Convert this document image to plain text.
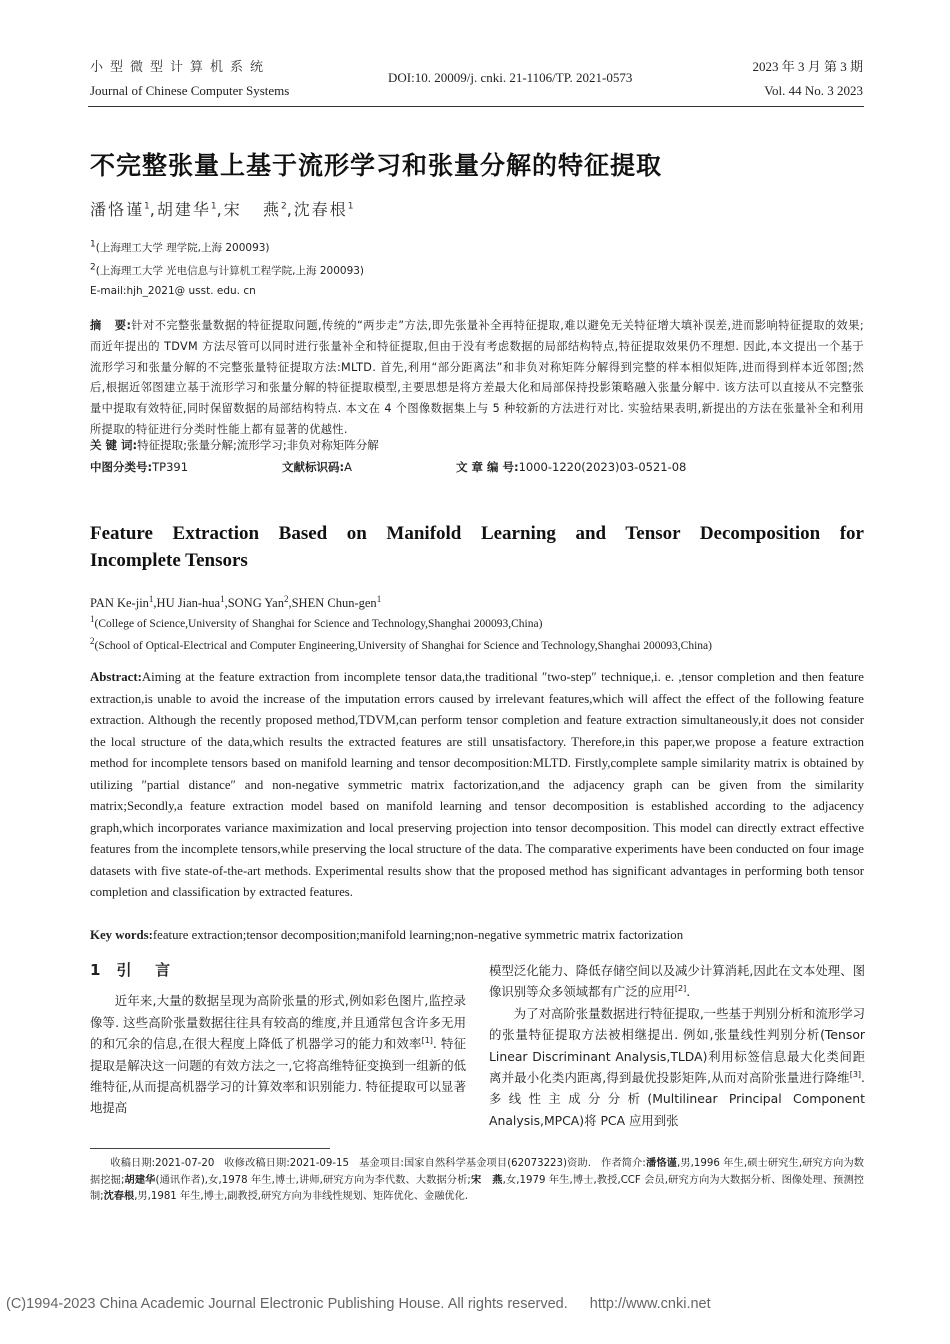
小型微型计算机系统
Journal of Chinese Computer Systems
DOI:10. 20009/j. cnki. 21-1106/TP. 2021-0573
2023 年 3 月 第 3 期
Vol. 44 No. 3 2023
不完整张量上基于流形学习和张量分解的特征提取
潘恪谨$^1$,胡建华$^1$,宋   燕$^2$,沈春根$^1$
$^1$(上海理工大学 理学院,上海 200093)
$^2$(上海理工大学 光电信息与计算机工程学院,上海 200093)
E-mail:hjh_2021@ usst. edu. cn
摘   要:针对不完整张量数据的特征提取问题,传统的“两步走”方法,即先张量补全再特征提取,难以避免无关特征增大填补误差,进而影响特征提取的效果;而近年提出的 TDVM 方法尽管可以同时进行张量补全和特征提取,但由于没有考虑数据的局部结构特点,特征提取效果仍不理想. 因此,本文提出一个基于流形学习和张量分解的不完整张量特征提取方法:MLTD. 首先,利用“部分距离法”和非负对称矩阵分解得到完整的样本相似矩阵,进而得到样本近邻图;然后,根据近邻图建立基于流形学习和张量分解的特征提取模型,主要思想是将方差最大化和局部保持投影策略融入张量分解中. 该方法可以直接从不完整张量中提取有效特征,同时保留数据的局部结构特点. 本文在 4 个图像数据集上与 5 种较新的方法进行对比. 实验结果表明,新提出的方法在张量补全和利用所提取的特征进行分类时性能上都有显著的优越性.
关 键 词:特征提取;张量分解;流形学习;非负对称矩阵分解
中图分类号:TP391	文献标识码:A	文 章 编 号:1000-1220(2023)03-0521-08
Feature Extraction Based on Manifold Learning and Tensor Decomposition for
Incomplete Tensors
PAN Ke-jin$^1$,HU Jian-hua$^1$,SONG Yan$^2$,SHEN Chun-gen$^1$
$^1$(College of Science,University of Shanghai for Science and Technology,Shanghai 200093,China)
$^2$(School of Optical-Electrical and Computer Engineering,University of Shanghai for Science and Technology,Shanghai 200093,China)
Abstract:Aiming at the feature extraction from incomplete tensor data,the traditional ″two-step″ technique,i. e. ,tensor completion and then feature extraction,is unable to avoid the increase of the imputation errors caused by irrelevant features,which will affect the effect of the following feature extraction. Although the recently proposed method,TDVM,can perform tensor completion and feature extraction simultaneously,it does not consider the local structure of the data,which results the extracted features are still unsatisfactory. Therefore,in this paper,we propose a feature extraction method for incomplete tensors based on manifold learning and tensor decomposition:MLTD. Firstly,complete sample similarity matrix is obtained by utilizing ″partial distance″ and non-negative symmetric matrix factorization,and the adjacency graph can be given from the similarity matrix;Secondly,a feature extraction model based on manifold learning and tensor decomposition is established according to the adjacency graph,which incorporates variance maximization and local preserving projection into tensor decomposition. This model can directly extract effective features from the incomplete tensors,while preserving the local structure of the data. The comparative experiments have been conducted on four image datasets with five state-of-the-art methods. Experimental results show that the proposed method has significant advantages in performing both tensor completion and classification by extracted features.
Key words:feature extraction;tensor decomposition;manifold learning;non-negative symmetric matrix factorization
1 引   言
近年来,大量的数据呈现为高阶张量的形式,例如彩色图片,监控录像等. 这些高阶张量数据往往具有较高的维度,并且通常包含许多无用的和冗余的信息,在很大程度上降低了机器学习的能力和效率[1]. 特征提取是解决这一问题的有效方法之一,它将高维特征变换到一组新的低维特征,从而提高机器学习的计算效率和识别能力. 特征提取可以显著地提高
模型泛化能力、降低存储空间以及减少计算消耗,因此在文本处理、图像识别等众多领域都有广泛的应用[2].
为了对高阶张量数据进行特征提取,一些基于判别分析和流形学习的张量特征提取方法被相继提出. 例如,张量线性判别分析(Tensor Linear Discriminant Analysis,TLDA)利用标签信息最大化类间距离并最小化类内距离,得到最优投影矩阵,从而对高阶张量进行降维[3]. 多线性主成分分析(Multilinear Principal Component Analysis,MPCA)将 PCA 应用到张
收稿日期:2021-07-20   收修改稿日期:2021-09-15   基金项目:国家自然科学基金项目(62073223)资助.   作者简介:潘恪谨,男,1996 年生,硕士研究生,研究方向为数据挖掘;胡建华(通讯作者),女,1978 年生,博士,讲师,研究方向为李代数、大数据分析;宋   燕,女,1979 年生,博士,教授,CCF 会员,研究方向为大数据分析、图像处理、预测控制;沈春根,男,1981 年生,博士,副教授,研究方向为非线性规划、矩阵优化、金融优化.
(C)1994-2023 China Academic Journal Electronic Publishing House. All rights reserved. http://www.cnki.net
